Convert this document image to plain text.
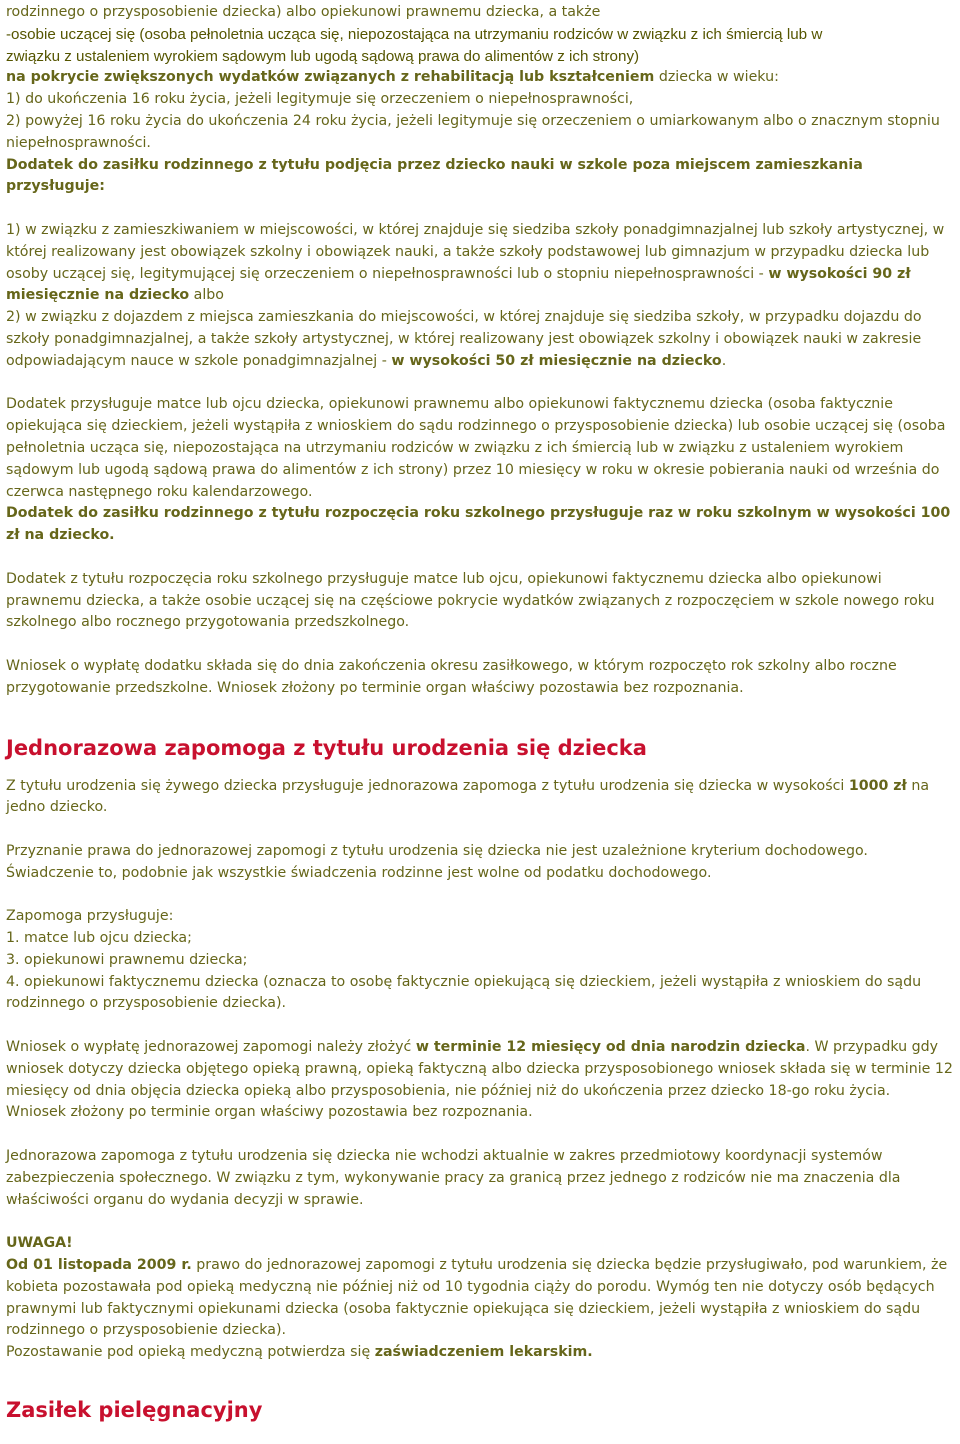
rodzinnego o przysposobienie dziecka) albo opiekunowi prawnemu dziecka, a także

-osobie uczącej się (osoba pełnoletnia ucząca się, niepozostająca na utrzymaniu rodziców w związku z ich śmiercią lub w

związku z ustaleniem wyrokiem sądowym lub ugodą sądową prawa do alimentów z ich strony)

na pokrycie zwiększonych wydatków związanych z rehabilitacją lub kształceniem dziecka w wieku:

1) do ukończenia 16 roku życia, jeżeli legitymuje się orzeczeniem o niepełnosprawności,

2) powyżej 16 roku życia do ukończenia 24 roku życia, jeżeli legitymuje się orzeczeniem o umiarkowanym albo o znacznym stopniu niepełnosprawności.

Dodatek do zasiłku rodzinnego z tytułu podjęcia przez dziecko nauki w szkole poza miejscem zamieszkania przysługuje:

1) w związku z zamieszkiwaniem w miejscowości, w której znajduje się siedziba szkoły ponadgimnazjalnej lub szkoły artystycznej, w której realizowany jest obowiązek szkolny i obowiązek nauki, a także szkoły podstawowej lub gimnazjum w przypadku dziecka lub osoby uczącej się, legitymującej się orzeczeniem o niepełnosprawności lub o stopniu niepełnosprawności - w wysokości 90 zł miesięcznie na dziecko albo

2) w związku z dojazdem z miejsca zamieszkania do miejscowości, w której znajduje się siedziba szkoły, w przypadku dojazdu do szkoły ponadgimnazjalnej, a także szkoły artystycznej, w której realizowany jest obowiązek szkolny i obowiązek nauki w zakresie odpowiadającym nauce w szkole ponadgimnazjalnej - w wysokości 50 zł miesięcznie na dziecko.

Dodatek przysługuje matce lub ojcu dziecka, opiekunowi prawnemu albo opiekunowi faktycznemu dziecka (osoba faktycznie opiekująca się dzieckiem, jeżeli wystąpiła z wnioskiem do sądu rodzinnego o przysposobienie dziecka) lub osobie uczącej się (osoba pełnoletnia ucząca się, niepozostająca na utrzymaniu rodziców w związku z ich śmiercią lub w związku z ustaleniem wyrokiem sądowym lub ugodą sądową prawa do alimentów z ich strony) przez 10 miesięcy w roku w okresie pobierania nauki od września do czerwca następnego roku kalendarzowego.

Dodatek do zasiłku rodzinnego z tytułu rozpoczęcia roku szkolnego przysługuje raz w roku szkolnym w wysokości 100 zł na dziecko.

Dodatek z tytułu rozpoczęcia roku szkolnego przysługuje matce lub ojcu, opiekunowi faktycznemu dziecka albo opiekunowi prawnemu dziecka, a także osobie uczącej się na częściowe pokrycie wydatków związanych z rozpoczęciem w szkole nowego roku szkolnego albo rocznego przygotowania przedszkolnego.

Wniosek o wypłatę dodatku składa się do dnia zakończenia okresu zasiłkowego, w którym rozpoczęto rok szkolny albo roczne przygotowanie przedszkolne. Wniosek złożony po terminie organ właściwy pozostawia bez rozpoznania.

Jednorazowa zapomoga z tytułu urodzenia się dziecka

Z tytułu urodzenia się żywego dziecka przysługuje jednorazowa zapomoga z tytułu urodzenia się dziecka w wysokości 1000 zł na jedno dziecko.

Przyznanie prawa do jednorazowej zapomogi z tytułu urodzenia się dziecka nie jest uzależnione kryterium dochodowego. Świadczenie to, podobnie jak wszystkie świadczenia rodzinne jest wolne od podatku dochodowego.

Zapomoga przysługuje:

1. matce lub ojcu dziecka;

3. opiekunowi prawnemu dziecka;

4. opiekunowi faktycznemu dziecka (oznacza to osobę faktycznie opiekującą się dzieckiem, jeżeli wystąpiła z wnioskiem do sądu rodzinnego o przysposobienie dziecka).

Wniosek o wypłatę jednorazowej zapomogi należy złożyć w terminie 12 miesięcy od dnia narodzin dziecka. W przypadku gdy wniosek dotyczy dziecka objętego opieką prawną, opieką faktyczną albo dziecka przysposobionego wniosek składa się w terminie 12 miesięcy od dnia objęcia dziecka opieką albo przysposobienia, nie później niż do ukończenia przez dziecko 18-go roku życia. Wniosek złożony po terminie organ właściwy pozostawia bez rozpoznania.

Jednorazowa zapomoga z tytułu urodzenia się dziecka nie wchodzi aktualnie w zakres przedmiotowy koordynacji systemów zabezpieczenia społecznego. W związku z tym, wykonywanie pracy za granicą przez jednego z rodziców nie ma znaczenia dla właściwości organu do wydania decyzji w sprawie.

UWAGA!

Od 01 listopada 2009 r. prawo do jednorazowej zapomogi z tytułu urodzenia się dziecka będzie przysługiwało, pod warunkiem, że kobieta pozostawała pod opieką medyczną nie później niż od 10 tygodnia ciąży do porodu. Wymóg ten nie dotyczy osób będących prawnymi lub faktycznymi opiekunami dziecka (osoba faktycznie opiekująca się dzieckiem, jeżeli wystąpiła z wnioskiem do sądu rodzinnego o przysposobienie dziecka).

Pozostawanie pod opieką medyczną potwierdza się zaświadczeniem lekarskim.

Zasiłek pielęgnacyjny
